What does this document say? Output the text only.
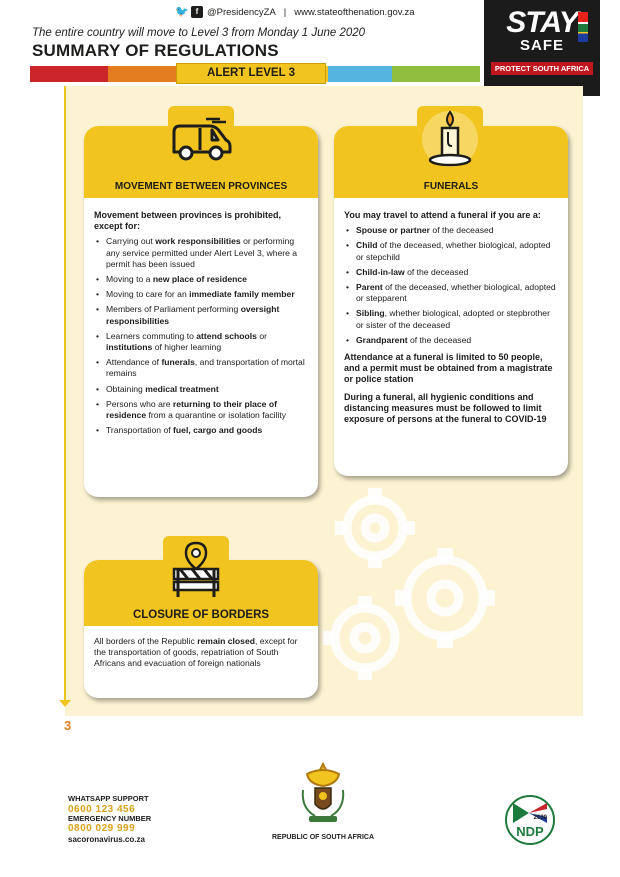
🐦 f @PresidencyZA | www.stateofthenation.gov.za
The entire country will move to Level 3 from Monday 1 June 2020
SUMMARY OF REGULATIONS
ALERT LEVEL 3
STAY
SAFE
PROTECT SOUTH AFRICA
3
MOVEMENT BETWEEN PROVINCES
Movement between provinces is prohibited, except for:
• Carrying out work responsibilities or performing any service permitted under Alert Level 3, where a permit has been issued
• Moving to a new place of residence
• Moving to care for an immediate family member
• Members of Parliament performing oversight responsibilities
• Learners commuting to attend schools or institutions of higher learning
• Attendance of funerals, and transportation of mortal remains
• Obtaining medical treatment
• Persons who are returning to their place of residence from a quarantine or isolation facility
• Transportation of fuel, cargo and goods
FUNERALS
You may travel to attend a funeral if you are a:
• Spouse or partner of the deceased
• Child of the deceased, whether biological, adopted or stepchild
• Child-in-law of the deceased
• Parent of the deceased, whether biological, adopted or stepparent
• Sibling, whether biological, adopted or stepbrother or sister of the deceased
• Grandparent of the deceased
Attendance at a funeral is limited to 50 people, and a permit must be obtained from a magistrate or police station
During a funeral, all hygienic conditions and distancing measures must be followed to limit exposure of persons at the funeral to COVID-19
CLOSURE OF BORDERS
All borders of the Republic remain closed, except for the transportation of goods, repatriation of South Africans and evacuation of foreign nationals
WHATSAPP SUPPORT
0600 123 456
EMERGENCY NUMBER
0800 029 999
sacoronavirus.co.za	REPUBLIC OF SOUTH AFRICA
2030
NDP
